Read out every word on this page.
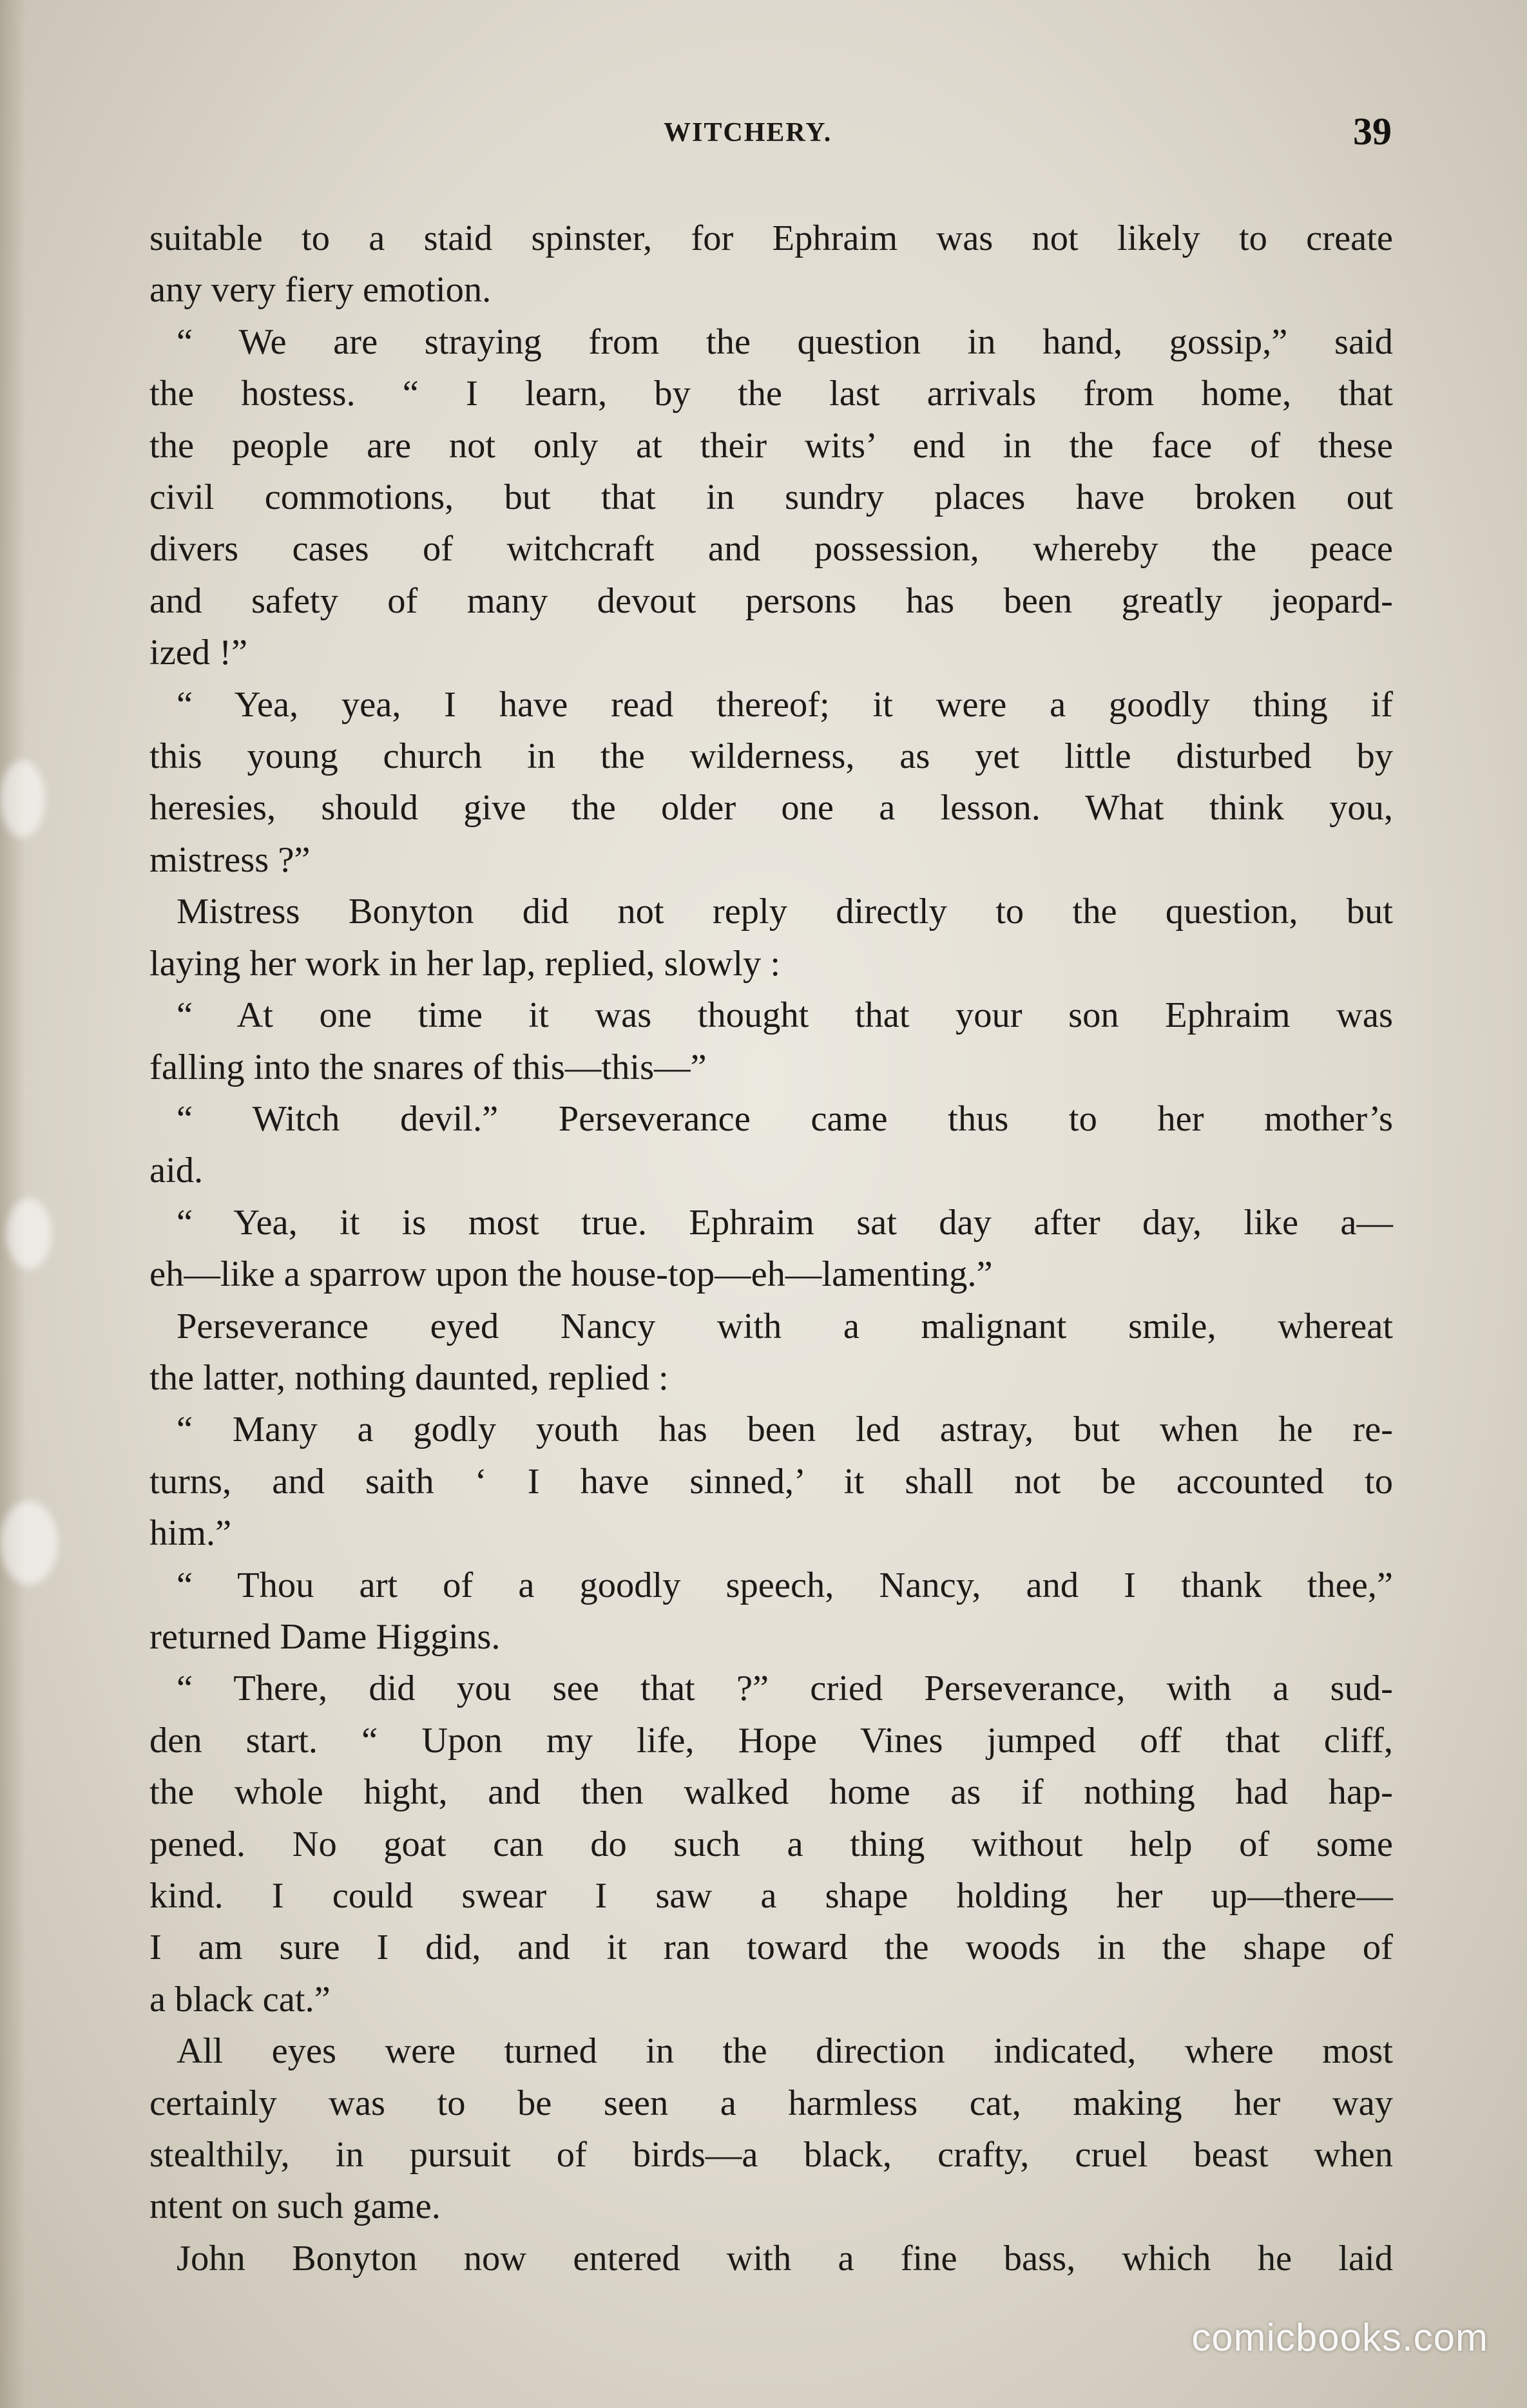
WITCHERY.	39

suitable to a staid spinster, for Ephraim was not likely to create

any very fiery emotion.

“ We are straying from the question in hand, gossip,” said

the hostess. “ I learn, by the last arrivals from home, that

the people are not only at their wits’ end in the face of these

civil commotions, but that in sundry places have broken out

divers cases of witchcraft and possession, whereby the peace

and safety of many devout persons has been greatly jeopard-

ized !”

“ Yea, yea, I have read thereof; it were a goodly thing if

this young church in the wilderness, as yet little disturbed by

heresies, should give the older one a lesson. What think you,

mistress ?”

Mistress Bonyton did not reply directly to the question, but

laying her work in her lap, replied, slowly :

“ At one time it was thought that your son Ephraim was

falling into the snares of this—this—”

“ Witch devil.” Perseverance came thus to her mother’s

aid.

“ Yea, it is most true. Ephraim sat day after day, like a—

eh—like a sparrow upon the house-top—eh—lamenting.”

Perseverance eyed Nancy with a malignant smile, whereat

the latter, nothing daunted, replied :

“ Many a godly youth has been led astray, but when he re-

turns, and saith ‘ I have sinned,’ it shall not be accounted to

him.”

“ Thou art of a goodly speech, Nancy, and I thank thee,”

returned Dame Higgins.

“ There, did you see that ?” cried Perseverance, with a sud-

den start. “ Upon my life, Hope Vines jumped off that cliff,

the whole hight, and then walked home as if nothing had hap-

pened. No goat can do such a thing without help of some

kind. I could swear I saw a shape holding her up—there—

I am sure I did, and it ran toward the woods in the shape of

a black cat.”

All eyes were turned in the direction indicated, where most

certainly was to be seen a harmless cat, making her way

stealthily, in pursuit of birds—a black, crafty, cruel beast when

ntent on such game.

John Bonyton now entered with a fine bass, which he laid

comicbooks.com
